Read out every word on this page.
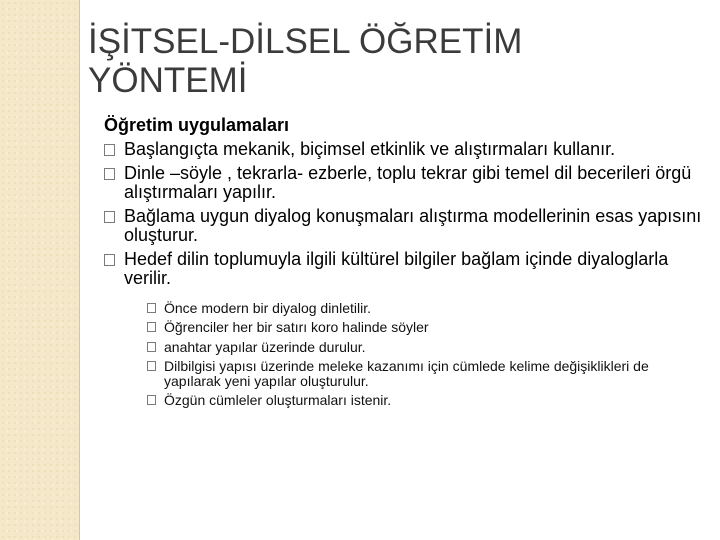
İŞİTSEL-DİLSEL ÖĞRETİM
YÖNTEMİ
Öğretim uygulamaları
Başlangıçta mekanik, biçimsel etkinlik ve alıştırmaları kullanır.
Dinle –söyle , tekrarla- ezberle, toplu tekrar gibi temel dil becerileri örgü alıştırmaları yapılır.
Bağlama uygun diyalog konuşmaları alıştırma modellerinin esas yapısını oluşturur.
Hedef dilin toplumuyla ilgili kültürel bilgiler bağlam içinde diyaloglarla verilir.
Önce modern bir diyalog dinletilir.
Öğrenciler her bir satırı koro halinde söyler
anahtar yapılar üzerinde durulur.
Dilbilgisi yapısı üzerinde meleke kazanımı için cümlede kelime değişiklikleri de yapılarak yeni yapılar oluşturulur.
Özgün cümleler oluşturmaları istenir.
